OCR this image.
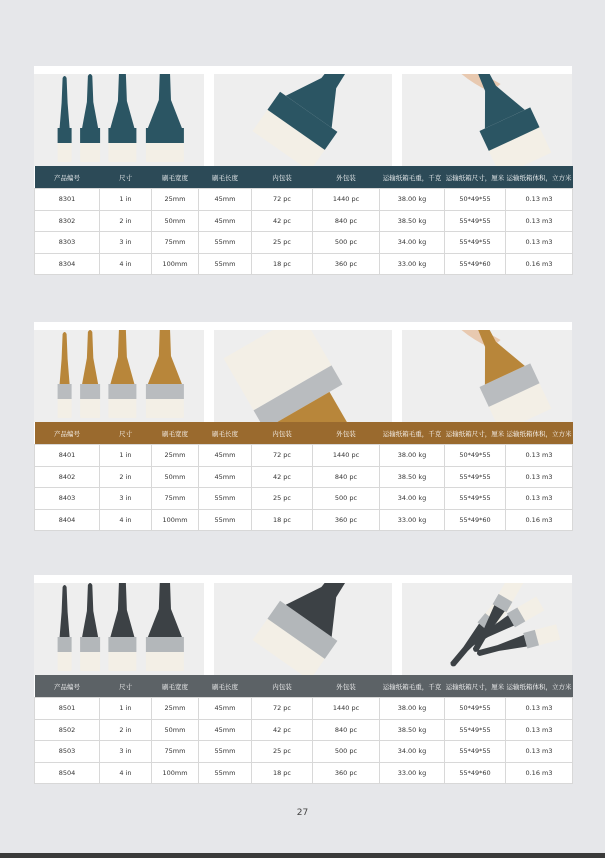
产品编号	尺寸	刷毛宽度	刷毛长度	内包装	外包装	运输纸箱毛重，千克	运输纸箱尺寸，厘米	运输纸箱体积，立方米
8301	1 in	25mm	45mm	72 pc	1440 pc	38.00 kg	50*49*55	0.13 m3
8302	2 in	50mm	45mm	42 pc	840 pc	38.50 kg	55*49*55	0.13 m3
8303	3 in	75mm	55mm	25 pc	500 pc	34.00 kg	55*49*55	0.13 m3
8304	4 in	100mm	55mm	18 pc	360 pc	33.00 kg	55*49*60	0.16 m3
产品编号	尺寸	刷毛宽度	刷毛长度	内包装	外包装	运输纸箱毛重，千克	运输纸箱尺寸，厘米	运输纸箱体积，立方米
8401	1 in	25mm	45mm	72 pc	1440 pc	38.00 kg	50*49*55	0.13 m3
8402	2 in	50mm	45mm	42 pc	840 pc	38.50 kg	55*49*55	0.13 m3
8403	3 in	75mm	55mm	25 pc	500 pc	34.00 kg	55*49*55	0.13 m3
8404	4 in	100mm	55mm	18 pc	360 pc	33.00 kg	55*49*60	0.16 m3
产品编号	尺寸	刷毛宽度	刷毛长度	内包装	外包装	运输纸箱毛重，千克	运输纸箱尺寸，厘米	运输纸箱体积，立方米
8501	1 in	25mm	45mm	72 pc	1440 pc	38.00 kg	50*49*55	0.13 m3
8502	2 in	50mm	45mm	42 pc	840 pc	38.50 kg	55*49*55	0.13 m3
8503	3 in	75mm	55mm	25 pc	500 pc	34.00 kg	55*49*55	0.13 m3
8504	4 in	100mm	55mm	18 pc	360 pc	33.00 kg	55*49*60	0.16 m3
27
